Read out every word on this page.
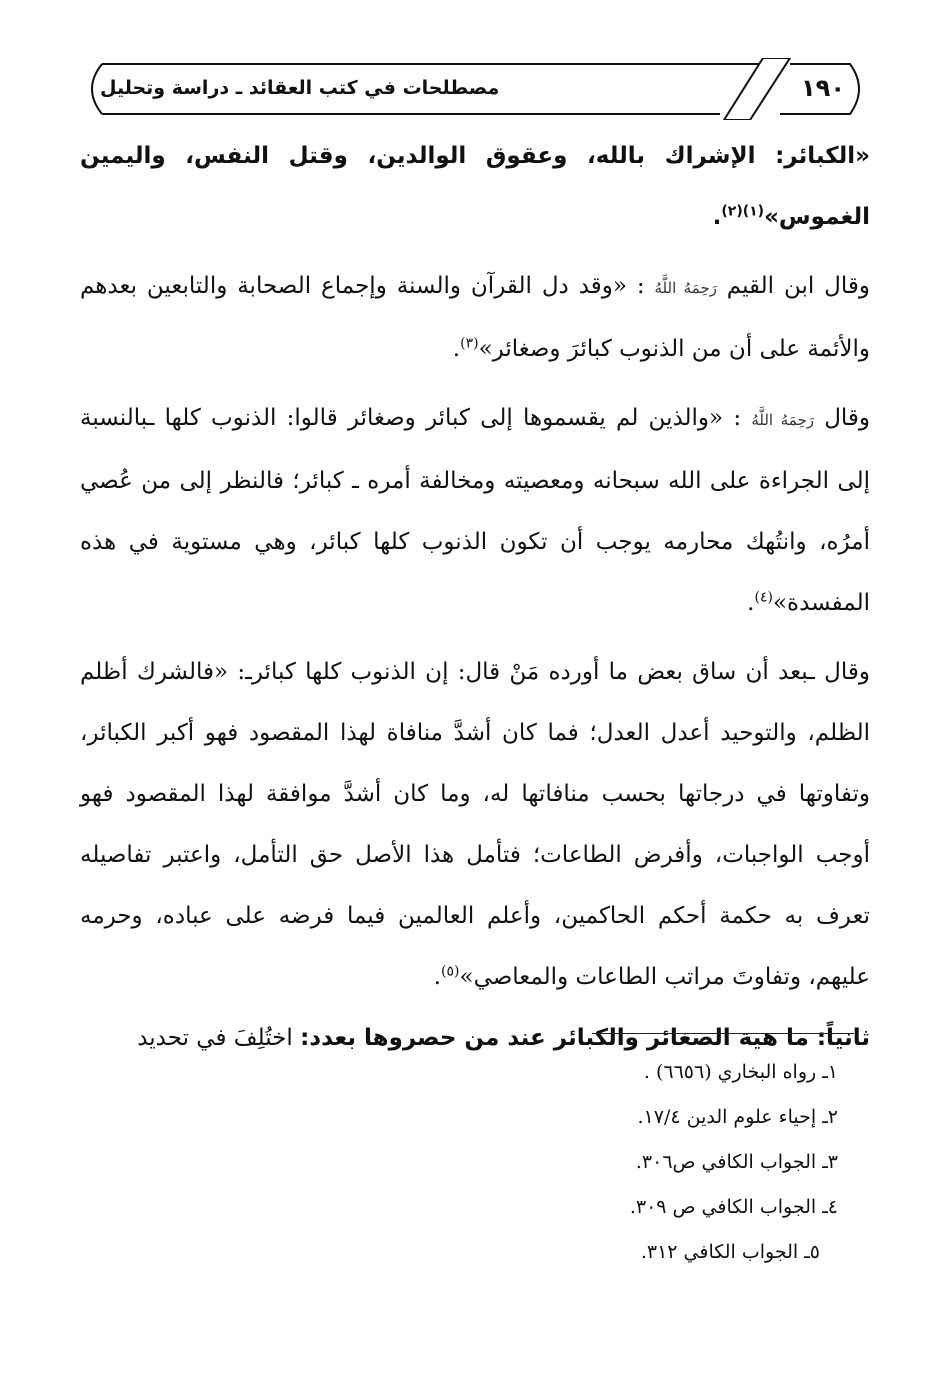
مصطلحات في كتب العقائد ـ دراسة وتحليل	١٩٠

«الكبائر: الإشراك بالله، وعقوق الوالدين، وقتل النفس، واليمين الغموس»$^{(١)(٢)}$.

وقال ابن القيم رَحِمَهُ اللَّهُ : «وقد دل القرآن والسنة وإجماع الصحابة والتابعين بعدهم والأئمة على أن من الذنوب كبائرَ وصغائر»$^{(٣)}$.

وقال رَحِمَهُ اللَّهُ : «والذين لم يقسموها إلى كبائر وصغائر قالوا: الذنوب كلها ـبالنسبة إلى الجراءة على الله سبحانه ومعصيته ومخالفة أمره ـ كبائر؛ فالنظر إلى من عُصي أمرُه، وانتُهك محارمه يوجب أن تكون الذنوب كلها كبائر، وهي مستوية في هذه المفسدة»$^{(٤)}$.

وقال ـبعد أن ساق بعض ما أورده مَنْ قال: إن الذنوب كلها كبائرـ: «فالشرك أظلم الظلم، والتوحيد أعدل العدل؛ فما كان أشدَّ منافاة لهذا المقصود فهو أكبر الكبائر، وتفاوتها في درجاتها بحسب منافاتها له، وما كان أشدَّ موافقة لهذا المقصود فهو أوجب الواجبات، وأفرض الطاعات؛ فتأمل هذا الأصل حق التأمل، واعتبر تفاصيله تعرف به حكمة أحكم الحاكمين، وأعلم العالمين فيما فرضه على عباده، وحرمه عليهم، وتفاوتَ مراتب الطاعات والمعاصي»$^{(٥)}$.

ثانياً: ما هية الصغائر والكبائر عند من حصروها بعدد: اختُلِفَ في تحديد

١ـ رواه البخاري (٦٦٥٦) .
٢ـ إحياء علوم الدين ١٧/٤.
٣ـ الجواب الكافي ص٣٠٦.
٤ـ الجواب الكافي ص ٣٠٩.
٥ـ الجواب الكافي ٣١٢.
